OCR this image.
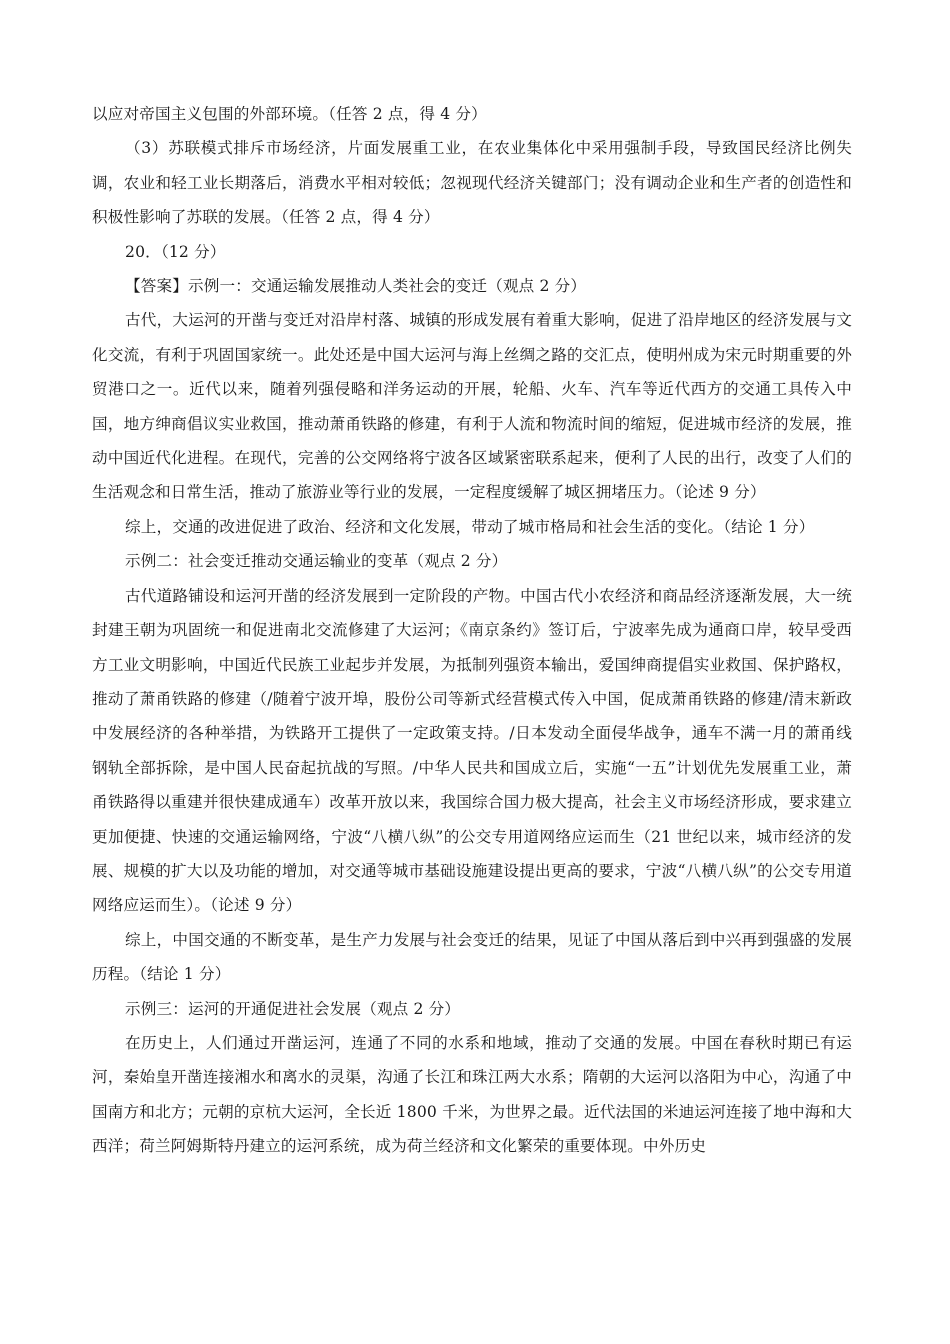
以应对帝国主义包围的外部环境。（任答 2 点，得 4 分）

（3）苏联模式排斥市场经济，片面发展重工业，在农业集体化中采用强制手段，导致国民经济比例失调，农业和轻工业长期落后，消费水平相对较低；忽视现代经济关键部门；没有调动企业和生产者的创造性和积极性影响了苏联的发展。（任答 2 点，得 4 分）

20．（12 分）

【答案】示例一：交通运输发展推动人类社会的变迁（观点 2 分）

古代，大运河的开凿与变迁对沿岸村落、城镇的形成发展有着重大影响，促进了沿岸地区的经济发展与文化交流，有利于巩固国家统一。此处还是中国大运河与海上丝绸之路的交汇点，使明州成为宋元时期重要的外贸港口之一。近代以来，随着列强侵略和洋务运动的开展，轮船、火车、汽车等近代西方的交通工具传入中国，地方绅商倡议实业救国，推动萧甬铁路的修建，有利于人流和物流时间的缩短，促进城市经济的发展，推动中国近代化进程。在现代，完善的公交网络将宁波各区域紧密联系起来，便利了人民的出行，改变了人们的生活观念和日常生活，推动了旅游业等行业的发展，一定程度缓解了城区拥堵压力。（论述 9 分）

综上，交通的改进促进了政治、经济和文化发展，带动了城市格局和社会生活的变化。（结论 1 分）

示例二：社会变迁推动交通运输业的变革（观点 2 分）

古代道路铺设和运河开凿的经济发展到一定阶段的产物。中国古代小农经济和商品经济逐渐发展，大一统封建王朝为巩固统一和促进南北交流修建了大运河；《南京条约》签订后，宁波率先成为通商口岸，较早受西方工业文明影响，中国近代民族工业起步并发展，为抵制列强资本输出，爱国绅商提倡实业救国、保护路权，推动了萧甬铁路的修建（/随着宁波开埠，股份公司等新式经营模式传入中国，促成萧甬铁路的修建/清末新政中发展经济的各种举措，为铁路开工提供了一定政策支持。/日本发动全面侵华战争，通车不满一月的萧甬线钢轨全部拆除，是中国人民奋起抗战的写照。/中华人民共和国成立后，实施“一五”计划优先发展重工业，萧甬铁路得以重建并很快建成通车）改革开放以来，我国综合国力极大提高，社会主义市场经济形成，要求建立更加便捷、快速的交通运输网络，宁波“八横八纵”的公交专用道网络应运而生（21 世纪以来，城市经济的发展、规模的扩大以及功能的增加，对交通等城市基础设施建设提出更高的要求，宁波“八横八纵”的公交专用道网络应运而生）。（论述 9 分）

综上，中国交通的不断变革，是生产力发展与社会变迁的结果，见证了中国从落后到中兴再到强盛的发展历程。（结论 1 分）

示例三：运河的开通促进社会发展（观点 2 分）

在历史上，人们通过开凿运河，连通了不同的水系和地域，推动了交通的发展。中国在春秋时期已有运河，秦始皇开凿连接湘水和离水的灵渠，沟通了长江和珠江两大水系；隋朝的大运河以洛阳为中心，沟通了中国南方和北方；元朝的京杭大运河，全长近 1800 千米，为世界之最。近代法国的米迪运河连接了地中海和大西洋；荷兰阿姆斯特丹建立的运河系统，成为荷兰经济和文化繁荣的重要体现。中外历史
